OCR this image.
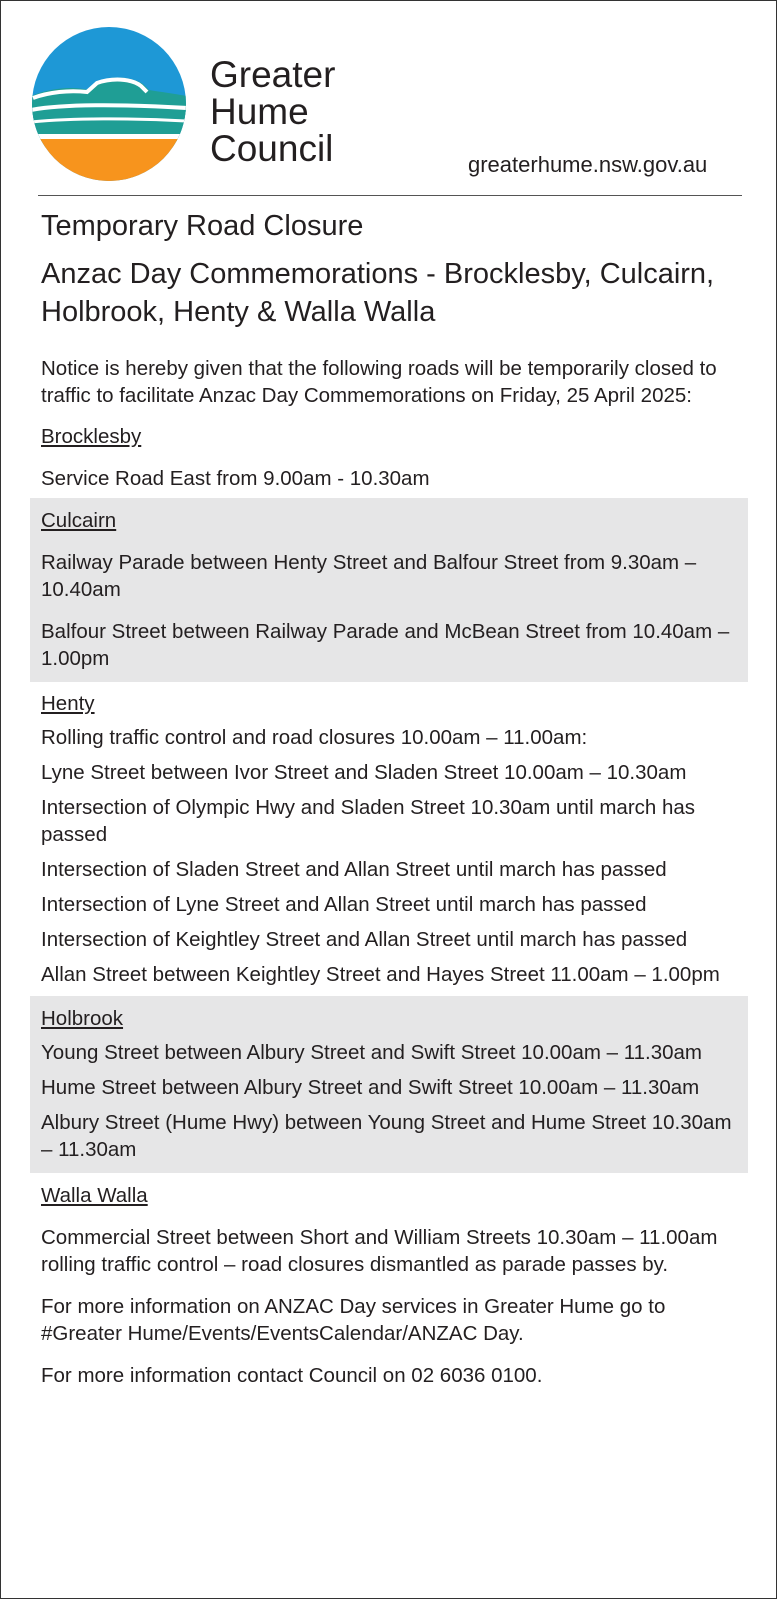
Greater
Hume
Council	greaterhume.nsw.gov.au
Temporary Road Closure
Anzac Day Commemorations - Brocklesby, Culcairn, Holbrook, Henty & Walla Walla

Notice is hereby given that the following roads will be temporarily closed to traffic to facilitate Anzac Day Commemorations on Friday, 25 April 2025:

Brocklesby

Service Road East from 9.00am - 10.30am

Culcairn

Railway Parade between Henty Street and Balfour Street from 9.30am – 10.40am

Balfour Street between Railway Parade and McBean Street from 10.40am – 1.00pm

Henty

Rolling traffic control and road closures 10.00am – 11.00am:

Lyne Street between Ivor Street and Sladen Street 10.00am – 10.30am

Intersection of Olympic Hwy and Sladen Street 10.30am until march has passed

Intersection of Sladen Street and Allan Street until march has passed

Intersection of Lyne Street and Allan Street until march has passed

Intersection of Keightley Street and Allan Street until march has passed

Allan Street between Keightley Street and Hayes Street 11.00am – 1.00pm

Holbrook

Young Street between Albury Street and Swift Street 10.00am – 11.30am

Hume Street between Albury Street and Swift Street 10.00am – 11.30am

Albury Street (Hume Hwy) between Young Street and Hume Street 10.30am – 11.30am

Walla Walla

Commercial Street between Short and William Streets 10.30am – 11.00am rolling traffic control – road closures dismantled as parade passes by.

For more information on ANZAC Day services in Greater Hume go to #Greater Hume/Events/EventsCalendar/ANZAC Day.

For more information contact Council on 02 6036 0100.
